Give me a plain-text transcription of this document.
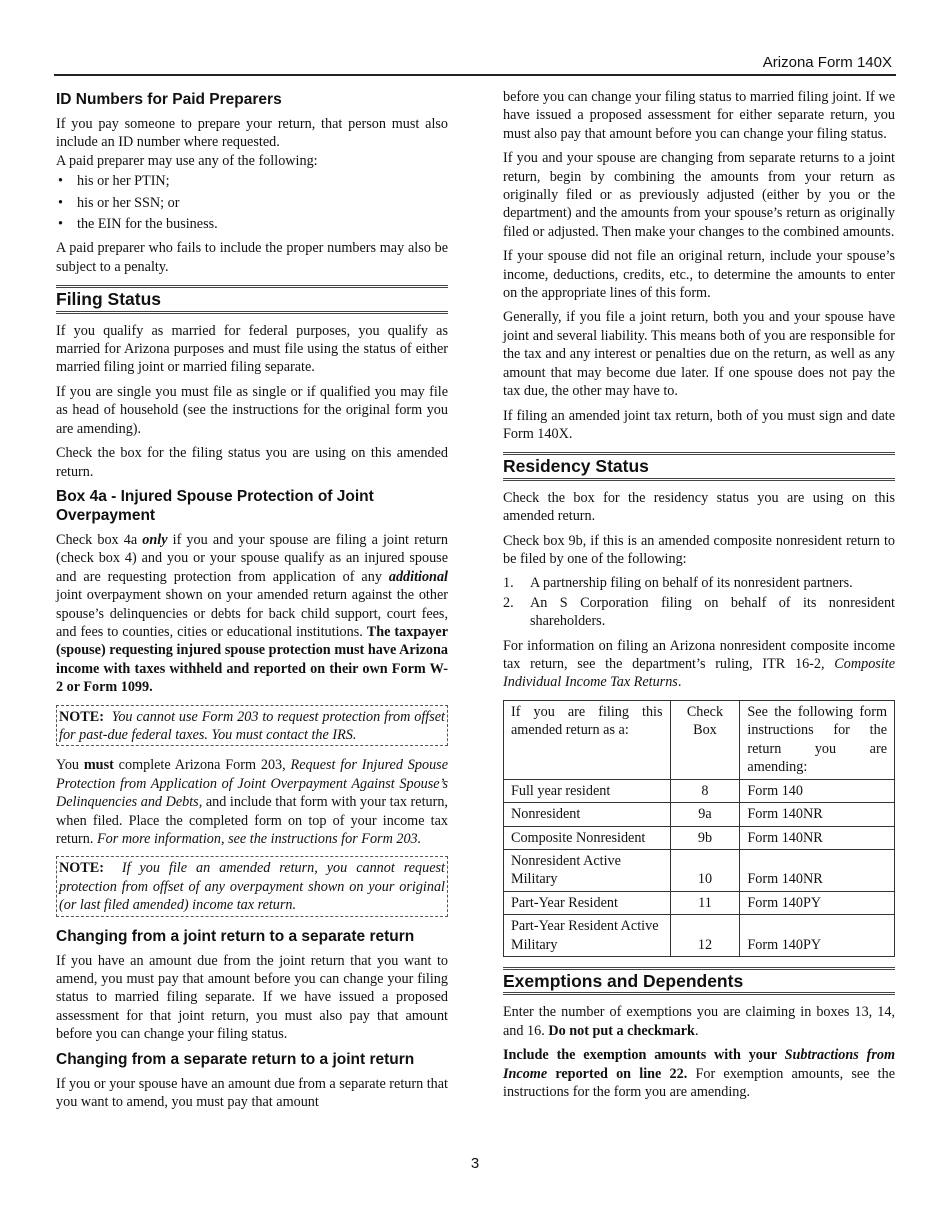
Arizona Form 140X
ID Numbers for Paid Preparers

If you pay someone to prepare your return, that person must also include an ID number where requested.

A paid preparer may use any of the following:

• his or her PTIN;
• his or her SSN; or
• the EIN for the business.

A paid preparer who fails to include the proper numbers may also be subject to a penalty.

Filing Status

If you qualify as married for federal purposes, you qualify as married for Arizona purposes and must file using the status of either married filing joint or married filing separate.

If you are single you must file as single or if qualified you may file as head of household (see the instructions for the original form you are amending).

Check the box for the filing status you are using on this amended return.

Box 4a - Injured Spouse Protection of Joint Overpayment

Check box 4a only if you and your spouse are filing a joint return (check box 4) and you or your spouse qualify as an injured spouse and are requesting protection from application of any additional joint overpayment shown on your amended return against the other spouse’s delinquencies or debts for back child support, court fees, and fees to counties, cities or educational institutions. The taxpayer (spouse) requesting injured spouse protection must have Arizona income with taxes withheld and reported on their own Form W-2 or Form 1099.

NOTE: You cannot use Form 203 to request protection from offset for past-due federal taxes. You must contact the IRS.

You must complete Arizona Form 203, Request for Injured Spouse Protection from Application of Joint Overpayment Against Spouse’s Delinquencies and Debts, and include that form with your tax return, when filed. Place the completed form on top of your income tax return. For more information, see the instructions for Form 203.

NOTE: If you file an amended return, you cannot request protection from offset of any overpayment shown on your original (or last filed amended) income tax return.

Changing from a joint return to a separate return

If you have an amount due from the joint return that you want to amend, you must pay that amount before you can change your filing status to married filing separate. If we have issued a proposed assessment for that joint return, you must also pay that amount before you can change your filing status.

Changing from a separate return to a joint return

If you or your spouse have an amount due from a separate return that you want to amend, you must pay that amount

before you can change your filing status to married filing joint. If we have issued a proposed assessment for either separate return, you must also pay that amount before you can change your filing status.

If you and your spouse are changing from separate returns to a joint return, begin by combining the amounts from your return as originally filed or as previously adjusted (either by you or the department) and the amounts from your spouse’s return as originally filed or adjusted. Then make your changes to the combined amounts.

If your spouse did not file an original return, include your spouse’s income, deductions, credits, etc., to determine the amounts to enter on the appropriate lines of this form.

Generally, if you file a joint return, both you and your spouse have joint and several liability. This means both of you are responsible for the tax and any interest or penalties due on the return, as well as any amount that may become due later. If one spouse does not pay the tax due, the other may have to.

If filing an amended joint tax return, both of you must sign and date Form 140X.

Residency Status

Check the box for the residency status you are using on this amended return.

Check box 9b, if this is an amended composite nonresident return to be filed by one of the following:

1.	A partnership filing on behalf of its nonresident partners.
2.	An S Corporation filing on behalf of its nonresident shareholders.

For information on filing an Arizona nonresident composite income tax return, see the department’s ruling, ITR 16-2, Composite Individual Income Tax Returns.

If you are filing this amended return as a:	Check Box	See the following form instructions for the return you are amending:
Full year resident	8	Form 140
Nonresident	9a	Form 140NR
Composite Nonresident	9b	Form 140NR
Nonresident Active Military	10	Form 140NR
Part-Year Resident	11	Form 140PY
Part-Year Resident Active Military	12	Form 140PY
Exemptions and Dependents

Enter the number of exemptions you are claiming in boxes 13, 14, and 16. Do not put a checkmark.

Include the exemption amounts with your Subtractions from Income reported on line 22. For exemption amounts, see the instructions for the form you are amending.

3
